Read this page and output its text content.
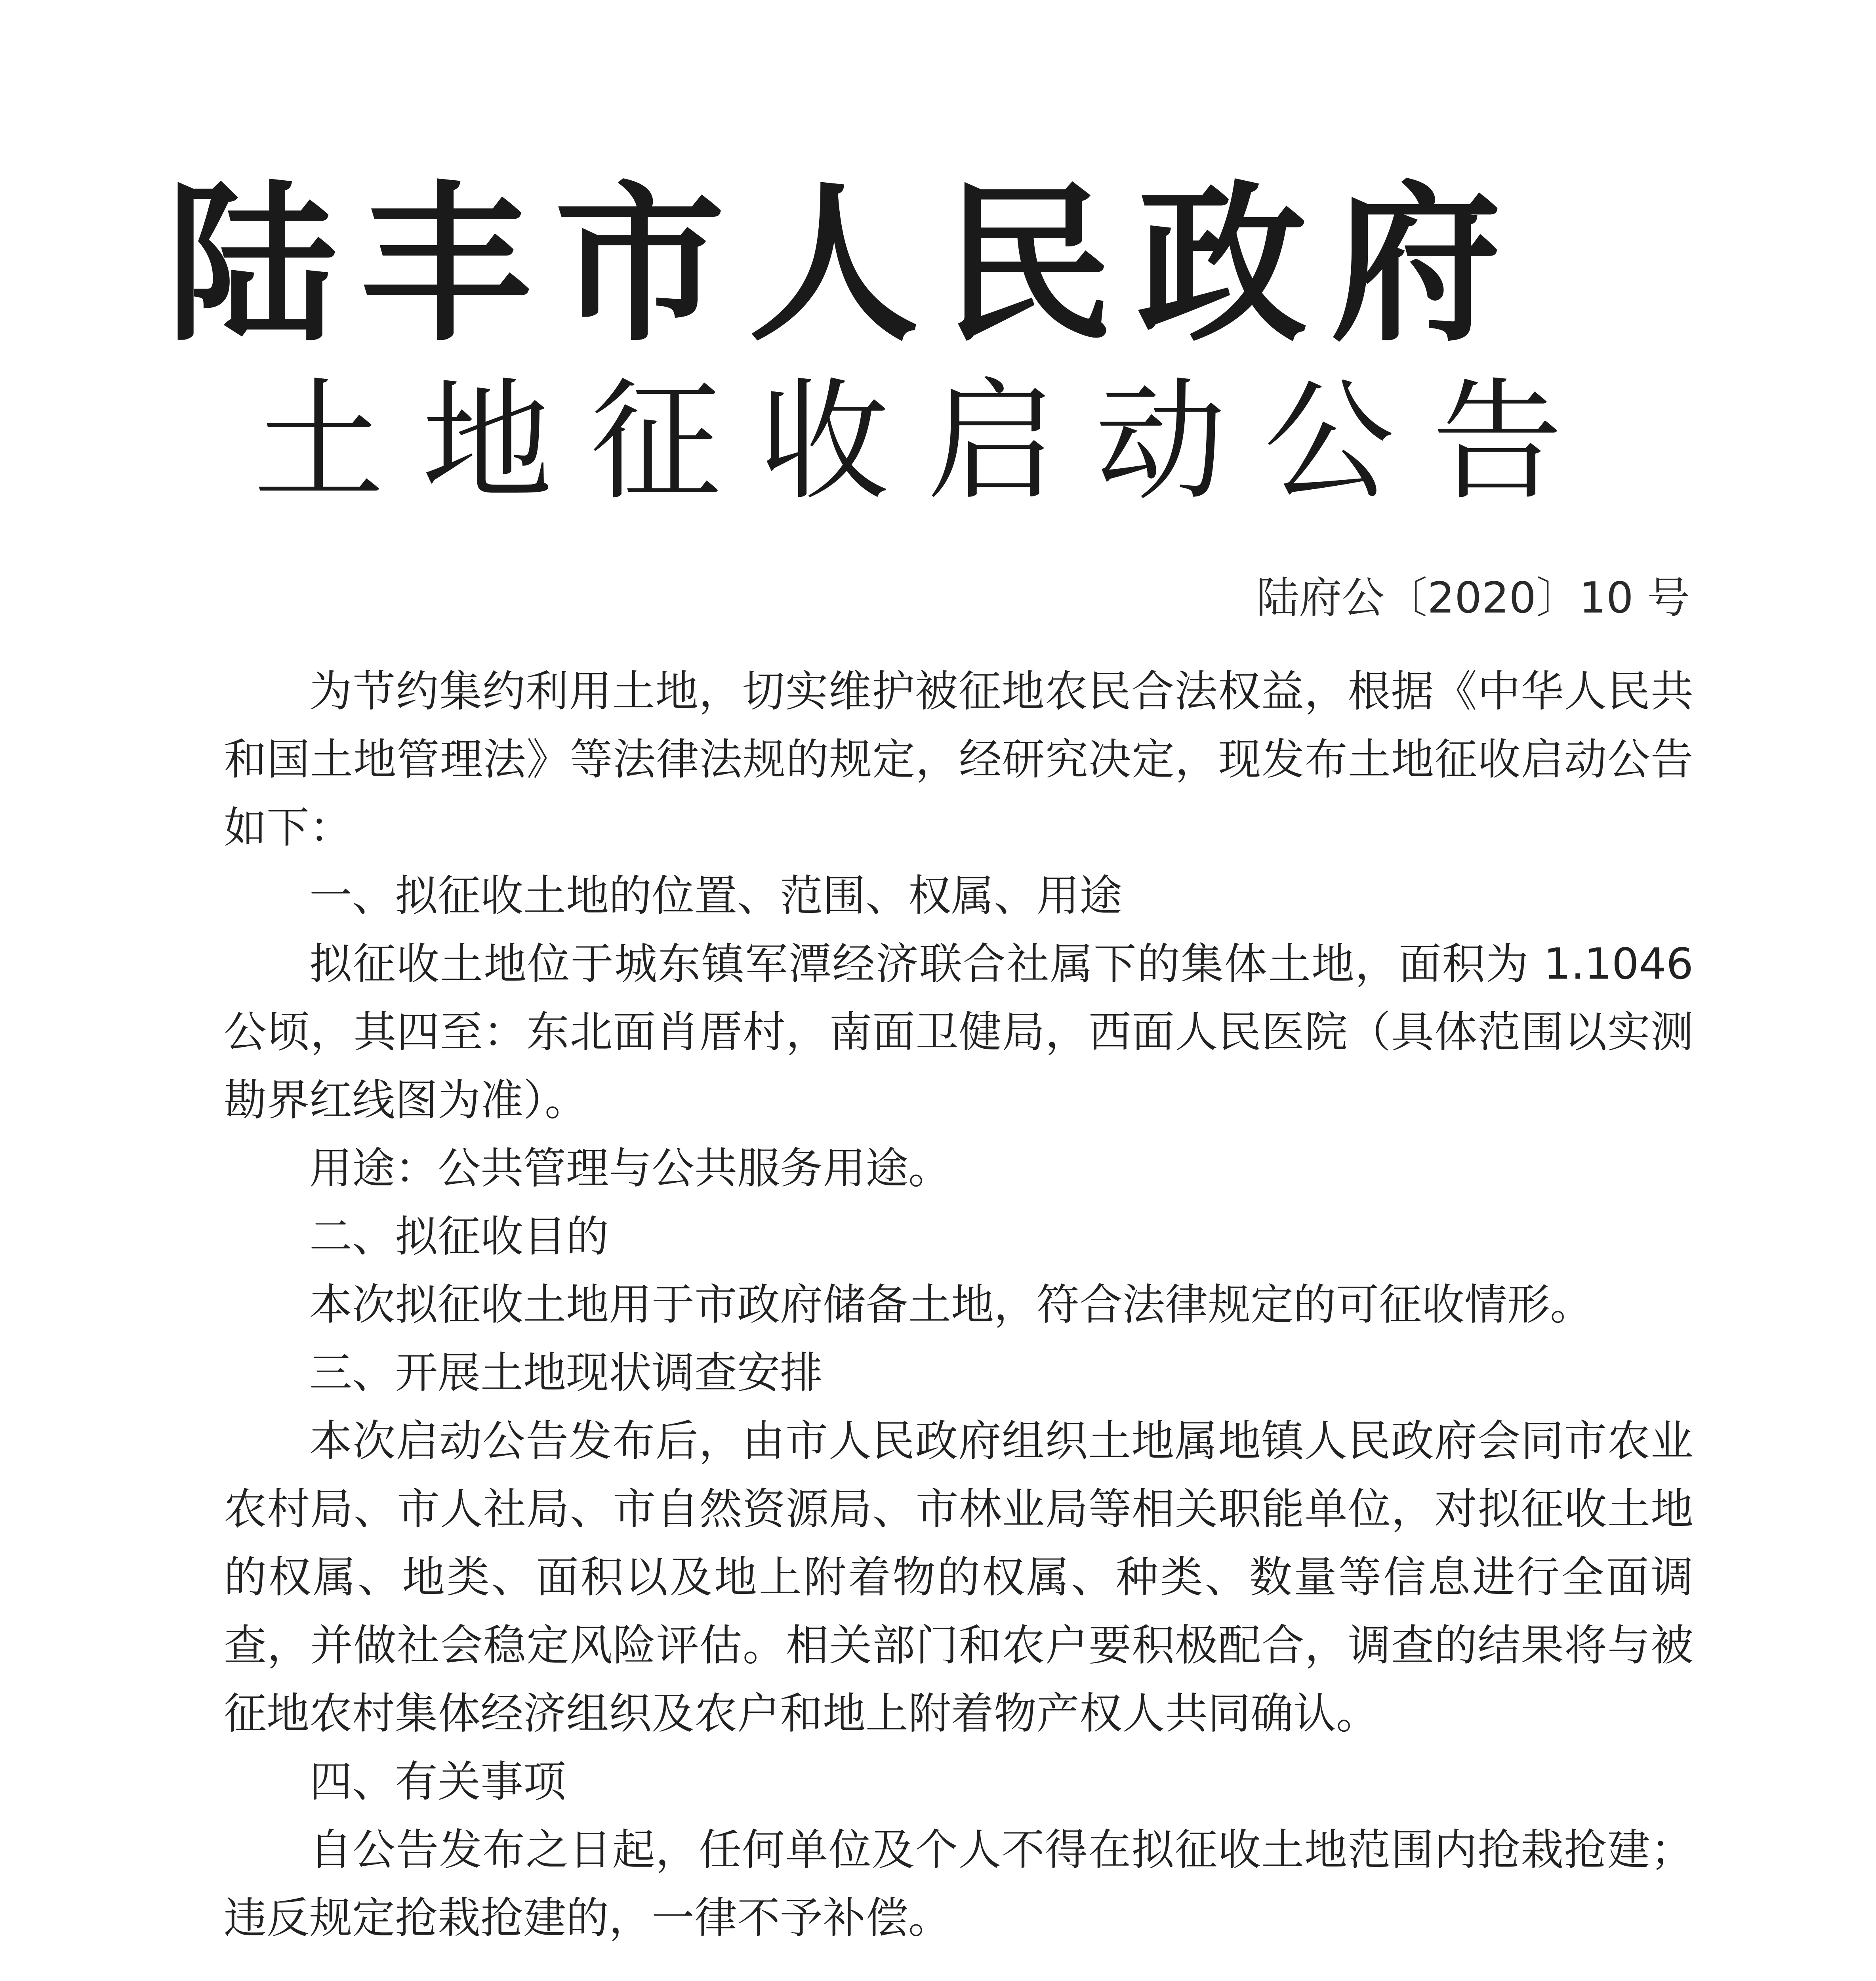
陆丰市人民政府
土地征收启动公告
陆府公〔2020〕10 号

为节约集约利用土地，切实维护被征地农民合法权益，根据《中华人民共和国土地管理法》等法律法规的规定，经研究决定，现发布土地征收启动公告如下：

一、拟征收土地的位置、范围、权属、用途

拟征收土地位于城东镇军潭经济联合社属下的集体土地，面积为 1.1046 公顷，其四至：东北面肖厝村，南面卫健局，西面人民医院（具体范围以实测勘界红线图为准）。

用途：公共管理与公共服务用途。

二、拟征收目的

本次拟征收土地用于市政府储备土地，符合法律规定的可征收情形。

三、开展土地现状调查安排

本次启动公告发布后，由市人民政府组织土地属地镇人民政府会同市农业农村局、市人社局、市自然资源局、市林业局等相关职能单位，对拟征收土地的权属、地类、面积以及地上附着物的权属、种类、数量等信息进行全面调查，并做社会稳定风险评估。相关部门和农户要积极配合，调查的结果将与被征地农村集体经济组织及农户和地上附着物产权人共同确认。

四、有关事项

自公告发布之日起，任何单位及个人不得在拟征收土地范围内抢栽抢建；违反规定抢栽抢建的，一律不予补偿。
